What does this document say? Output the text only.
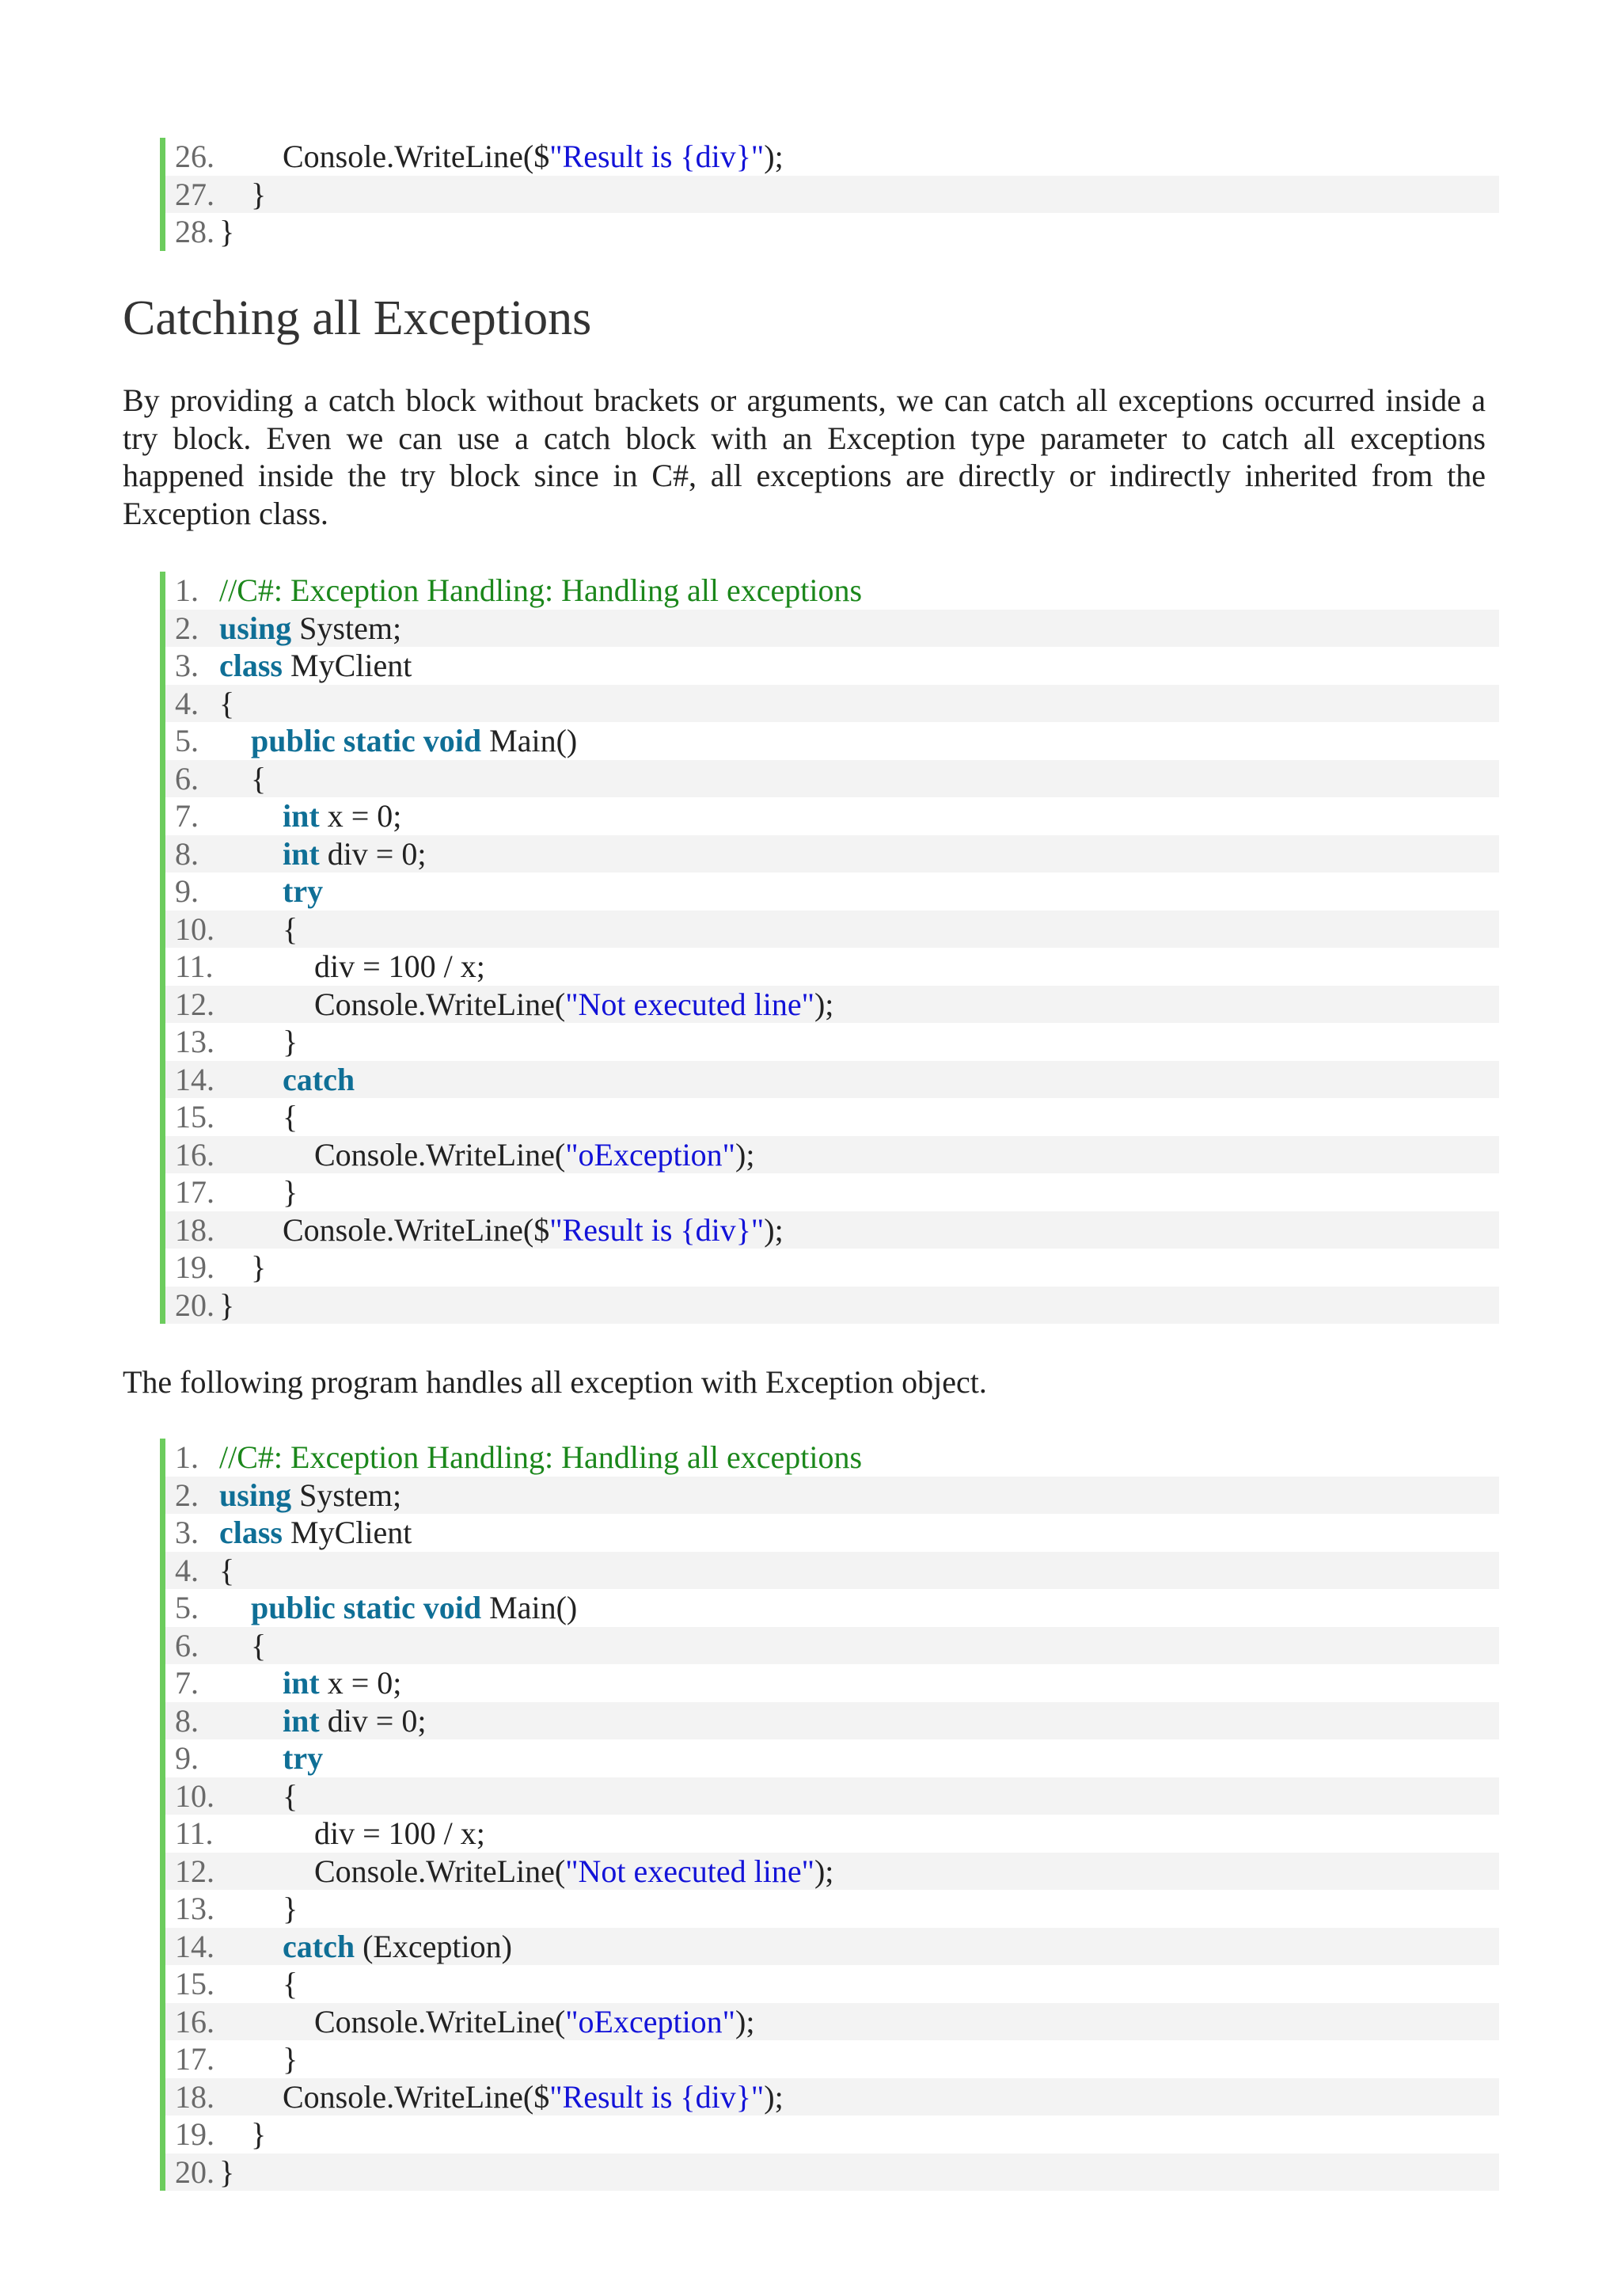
26.        Console.WriteLine($"Result is {div}");
27.    }
28. }
Catching all Exceptions

By providing a catch block without brackets or arguments, we can catch all exceptions occurred inside a try block. Even we can use a catch block with an Exception type parameter to catch all exceptions happened inside the try block since in C#, all exceptions are directly or indirectly inherited from the Exception class.

1. //C#: Exception Handling: Handling all exceptions
2. using System;
3. class MyClient
4. {
5. public static void Main()
6.    {
7.	int x = 0;
8.	int div = 0;
9.	try
10.        {
11.            div = 100 / x;
12.            Console.WriteLine("Not executed line");
13.        }
14. catch
15.        {
16.            Console.WriteLine("oException");
17.        }
18.        Console.WriteLine($"Result is {div}");
19.    }
20. }

The following program handles all exception with Exception object.

1. //C#: Exception Handling: Handling all exceptions
2. using System;
3. class MyClient
4. {
5. public static void Main()
6.    {
7.	int x = 0;
8.	int div = 0;
9.	try
10.        {
11.            div = 100 / x;
12.            Console.WriteLine("Not executed line");
13.        }
14. catch (Exception)
15.        {
16.            Console.WriteLine("oException");
17.        }
18.        Console.WriteLine($"Result is {div}");
19.    }
20. }
